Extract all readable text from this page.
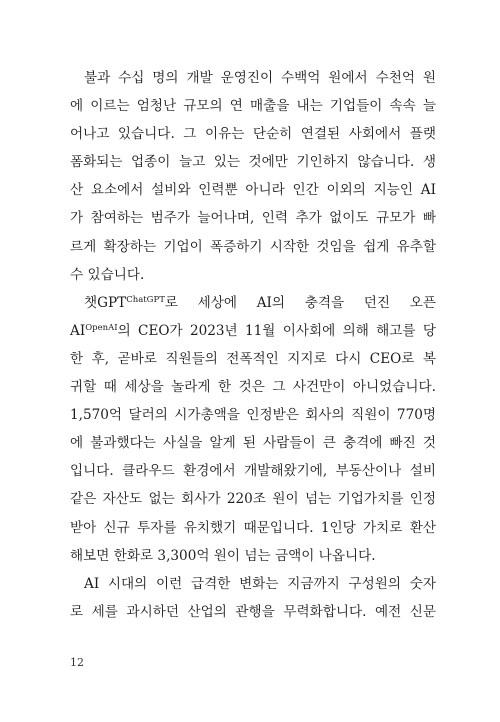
불과 수십 명의 개발 운영진이 수백억 원에서 수천억 원
에 이르는 엄청난 규모의 연 매출을 내는 기업들이 속속 늘
어나고 있습니다. 그 이유는 단순히 연결된 사회에서 플랫
폼화되는 업종이 늘고 있는 것에만 기인하지 않습니다. 생
산 요소에서 설비와 인력뿐 아니라 인간 이외의 지능인 AI
가 참여하는 범주가 늘어나며, 인력 추가 없이도 규모가 빠
르게 확장하는 기업이 폭증하기 시작한 것임을 쉽게 유추할
수 있습니다.
챗$GPT^{ChatGPT}$로 세상에 AI의 충격을 던진 오픈
$AI^{OpenAI}$의 CEO가 2023년 11월 이사회에 의해 해고를 당
한 후, 곧바로 직원들의 전폭적인 지지로 다시 CEO로 복
귀할 때 세상을 놀라게 한 것은 그 사건만이 아니었습니다.
1,570억 달러의 시가총액을 인정받은 회사의 직원이 770명
에 불과했다는 사실을 알게 된 사람들이 큰 충격에 빠진 것
입니다. 클라우드 환경에서 개발해왔기에, 부동산이나 설비
같은 자산도 없는 회사가 220조 원이 넘는 기업가치를 인정
받아 신규 투자를 유치했기 때문입니다. 1인당 가치로 환산
해보면 한화로 3,300억 원이 넘는 금액이 나옵니다.
AI 시대의 이런 급격한 변화는 지금까지 구성원의 숫자
로 세를 과시하던 산업의 관행을 무력화합니다. 예전 신문
12
